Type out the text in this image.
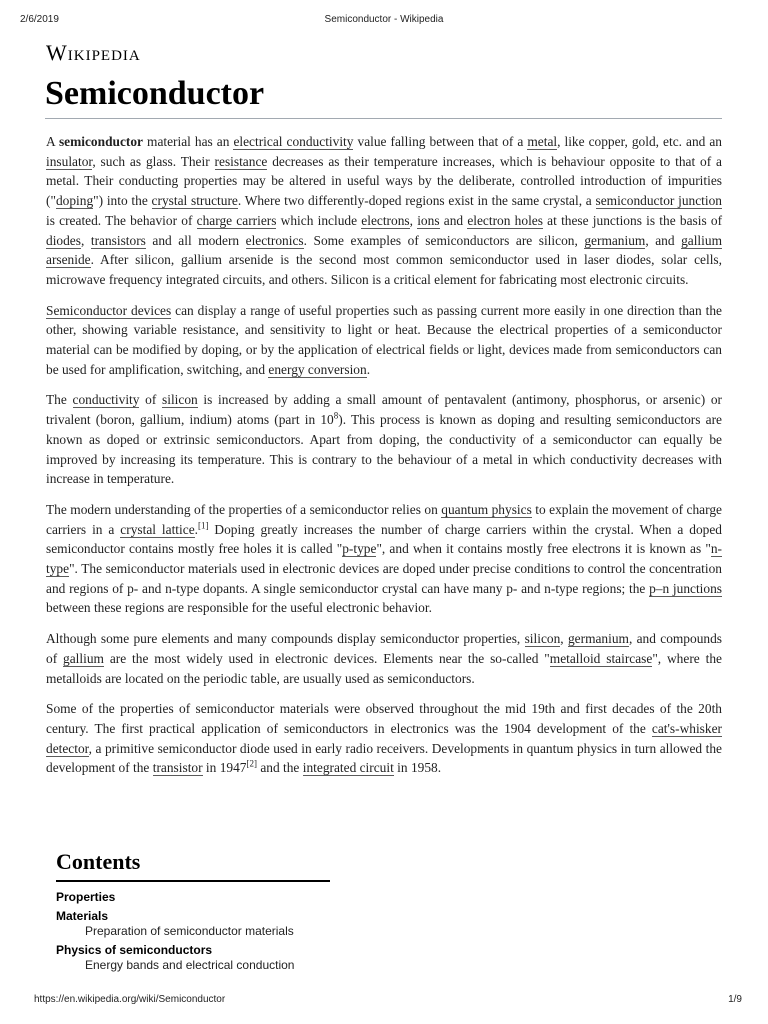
2/6/2019	Semiconductor - Wikipedia
Wikipedia
Semiconductor

A semiconductor material has an electrical conductivity value falling between that of a metal, like copper, gold, etc. and an insulator, such as glass. Their resistance decreases as their temperature increases, which is behaviour opposite to that of a metal. Their conducting properties may be altered in useful ways by the deliberate, controlled introduction of impurities ("doping") into the crystal structure. Where two differently-doped regions exist in the same crystal, a semiconductor junction is created. The behavior of charge carriers which include electrons, ions and electron holes at these junctions is the basis of diodes, transistors and all modern electronics. Some examples of semiconductors are silicon, germanium, and gallium arsenide. After silicon, gallium arsenide is the second most common semiconductor used in laser diodes, solar cells, microwave frequency integrated circuits, and others. Silicon is a critical element for fabricating most electronic circuits.

Semiconductor devices can display a range of useful properties such as passing current more easily in one direction than the other, showing variable resistance, and sensitivity to light or heat. Because the electrical properties of a semiconductor material can be modified by doping, or by the application of electrical fields or light, devices made from semiconductors can be used for amplification, switching, and energy conversion.

The conductivity of silicon is increased by adding a small amount of pentavalent (antimony, phosphorus, or arsenic) or trivalent (boron, gallium, indium) atoms (part in $10^8$). This process is known as doping and resulting semiconductors are known as doped or extrinsic semiconductors. Apart from doping, the conductivity of a semiconductor can equally be improved by increasing its temperature. This is contrary to the behaviour of a metal in which conductivity decreases with increase in temperature.

The modern understanding of the properties of a semiconductor relies on quantum physics to explain the movement of charge carriers in a crystal lattice.[1] Doping greatly increases the number of charge carriers within the crystal. When a doped semiconductor contains mostly free holes it is called "p-type", and when it contains mostly free electrons it is known as "n-type". The semiconductor materials used in electronic devices are doped under precise conditions to control the concentration and regions of p- and n-type dopants. A single semiconductor crystal can have many p- and n-type regions; the p–n junctions between these regions are responsible for the useful electronic behavior.

Although some pure elements and many compounds display semiconductor properties, silicon, germanium, and compounds of gallium are the most widely used in electronic devices. Elements near the so-called "metalloid staircase", where the metalloids are located on the periodic table, are usually used as semiconductors.

Some of the properties of semiconductor materials were observed throughout the mid 19th and first decades of the 20th century. The first practical application of semiconductors in electronics was the 1904 development of the cat's-whisker detector, a primitive semiconductor diode used in early radio receivers. Developments in quantum physics in turn allowed the development of the transistor in 1947[2] and the integrated circuit in 1958.

Contents
Properties
Materials
Preparation of semiconductor materials
Physics of semiconductors
Energy bands and electrical conduction
https://en.wikipedia.org/wiki/Semiconductor	1/9
